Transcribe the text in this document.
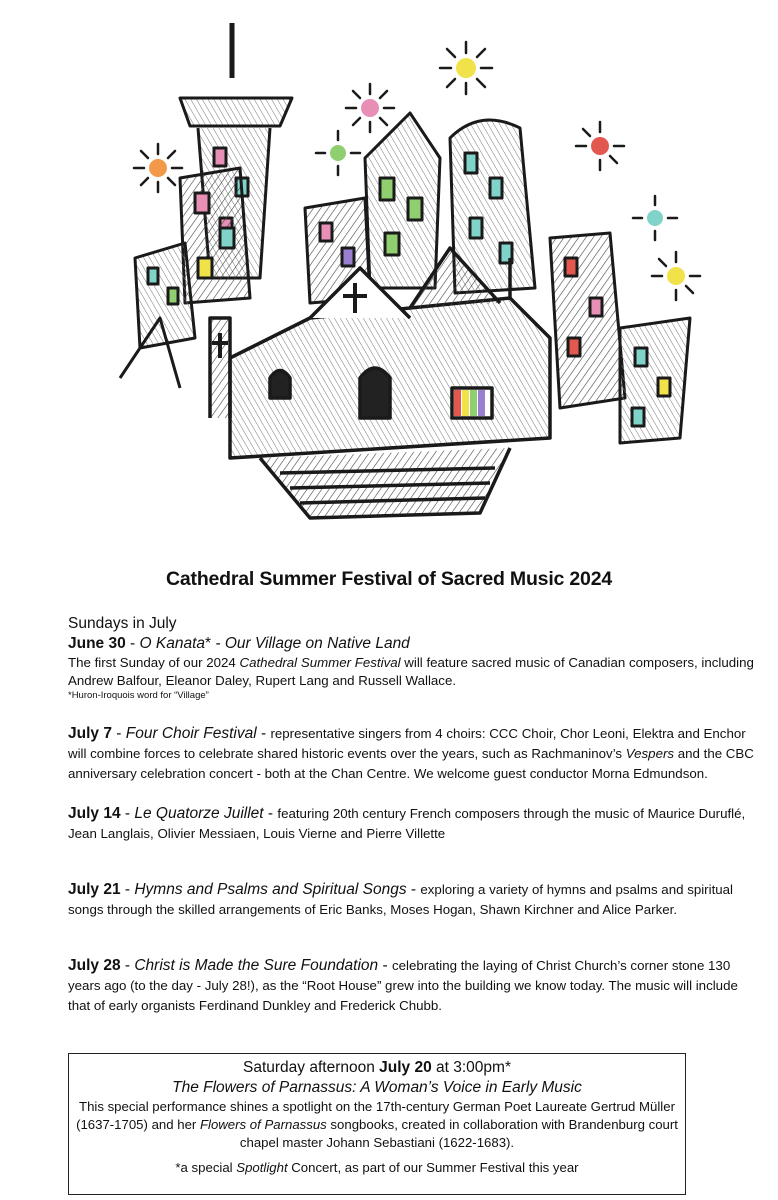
Cathedral Summer Festival of Sacred Music 2024
Sundays in July
June 30 - O Kanata* - Our Village on Native Land
The first Sunday of our 2024 Cathedral Summer Festival will feature sacred music of Canadian composers, including Andrew Balfour, Eleanor Daley, Rupert Lang and Russell Wallace.
*Huron-Iroquois word for “Village”
July 7 - Four Choir Festival - representative singers from 4 choirs: CCC Choir, Chor Leoni, Elektra and Enchor will combine forces to celebrate shared historic events over the years, such as Rachmaninov’s Vespers and the CBC anniversary celebration concert - both at the Chan Centre. We welcome guest conductor Morna Edmundson.
July 14 - Le Quatorze Juillet - featuring 20th century French composers through the music of Maurice Duruflé, Jean Langlais, Olivier Messiaen, Louis Vierne and Pierre Villette
July 21 - Hymns and Psalms and Spiritual Songs - exploring a variety of hymns and psalms and spiritual songs through the skilled arrangements of Eric Banks, Moses Hogan, Shawn Kirchner and Alice Parker.
July 28 - Christ is Made the Sure Foundation - celebrating the laying of Christ Church’s corner stone 130 years ago (to the day - July 28!), as the “Root House” grew into the building we know today. The music will include that of early organists Ferdinand Dunkley and Frederick Chubb.
Saturday afternoon July 20 at 3:00pm*
The Flowers of Parnassus: A Woman’s Voice in Early Music
This special performance shines a spotlight on the 17th-century German Poet Laureate Gertrud Müller (1637-1705) and her Flowers of Parnassus songbooks, created in collaboration with Brandenburg court chapel master Johann Sebastiani (1622-1683).
*a special Spotlight Concert, as part of our Summer Festival this year
